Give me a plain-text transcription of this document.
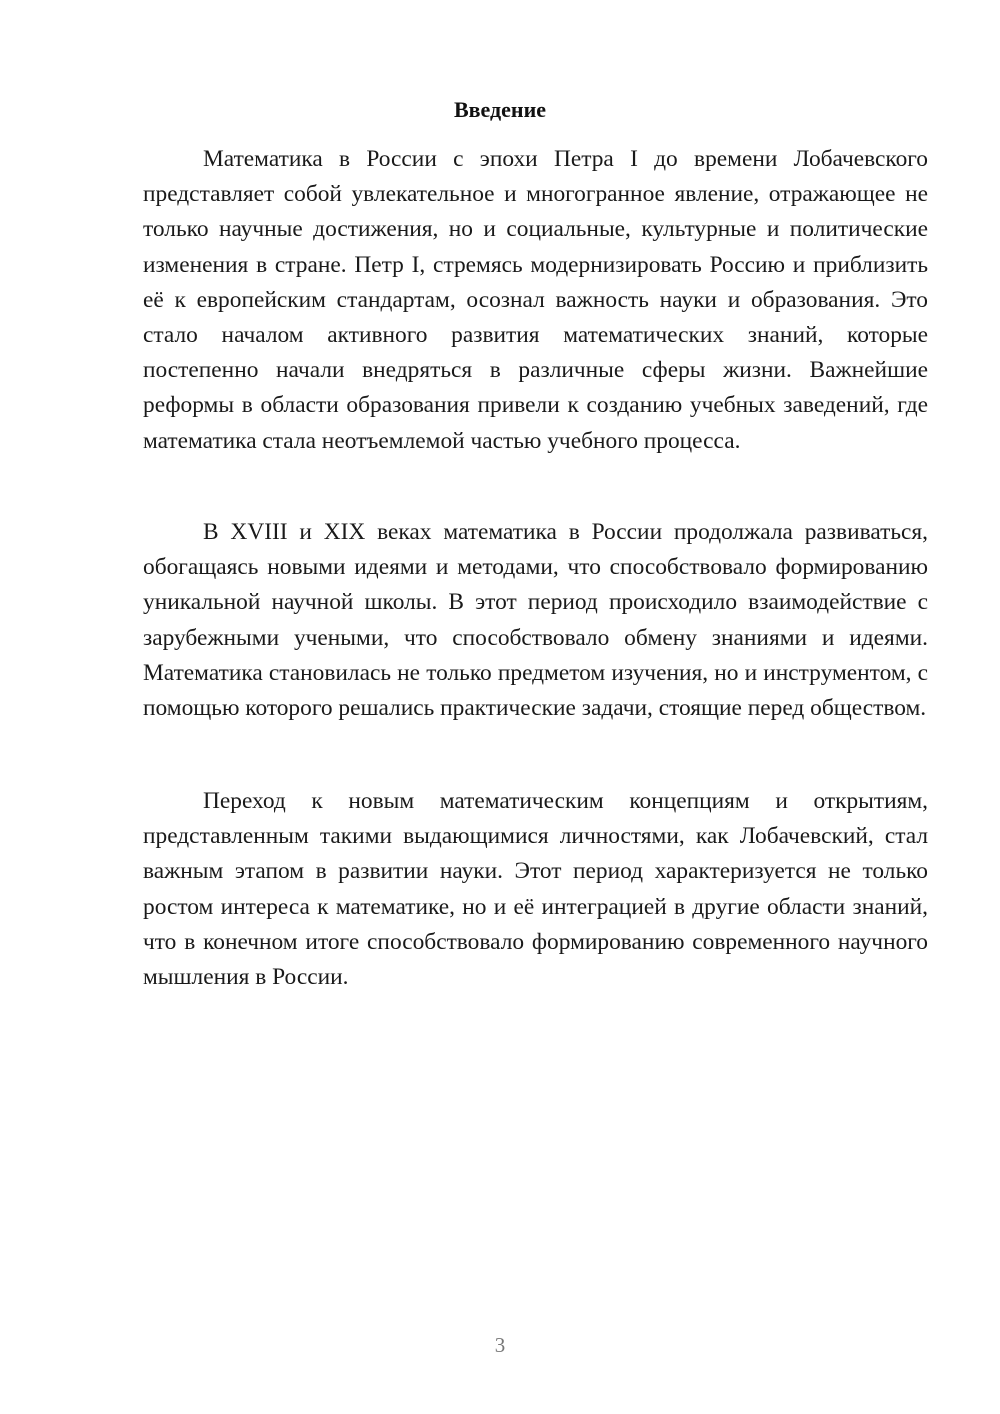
Введение

Математика в России с эпохи Петра I до времени Лобачевского представляет собой увлекательное и многогранное явление, отражающее не только научные достижения, но и социальные, культурные и политические изменения в стране. Петр I, стремясь модернизировать Россию и приблизить её к европейским стандартам, осознал важность науки и образования. Это стало началом активного развития математических знаний, которые постепенно начали внедряться в различные сферы жизни. Важнейшие реформы в области образования привели к созданию учебных заведений, где математика стала неотъемлемой частью учебного процесса.

В XVIII и XIX веках математика в России продолжала развиваться, обогащаясь новыми идеями и методами, что способствовало формированию уникальной научной школы. В этот период происходило взаимодействие с зарубежными учеными, что способствовало обмену знаниями и идеями. Математика становилась не только предметом изучения, но и инструментом, с помощью которого решались практические задачи, стоящие перед обществом.

Переход к новым математическим концепциям и открытиям, представленным такими выдающимися личностями, как Лобачевский, стал важным этапом в развитии науки. Этот период характеризуется не только ростом интереса к математике, но и её интеграцией в другие области знаний, что в конечном итоге способствовало формированию современного научного мышления в России.

3
